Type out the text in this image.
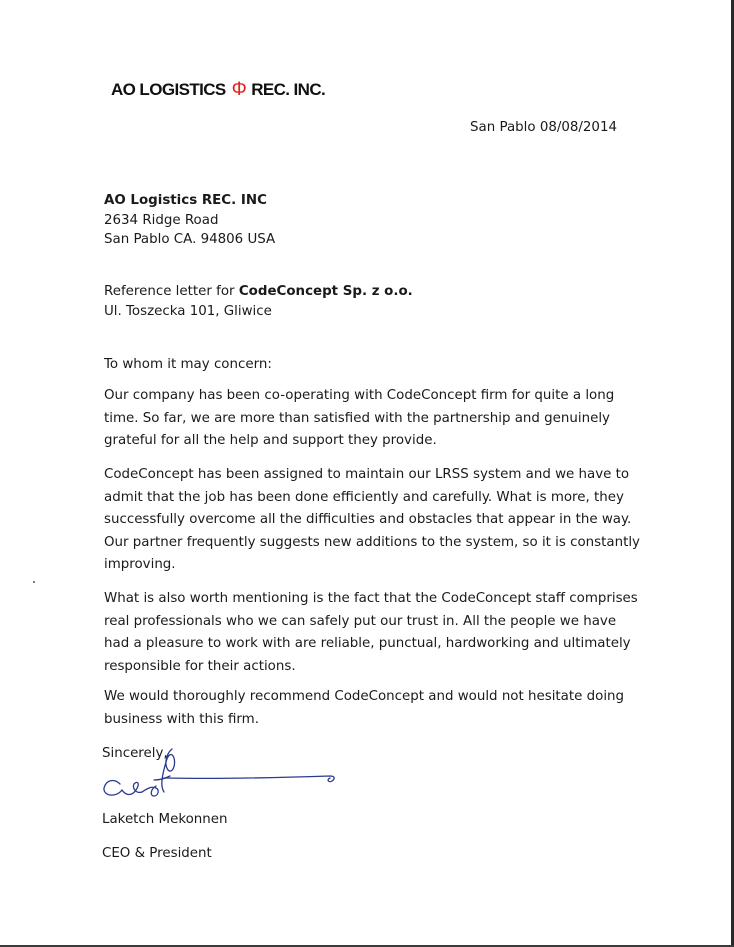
AO LOGISTICS Φ REC. INC.
San Pablo 08/08/2014
AO Logistics REC. INC
2634 Ridge Road
San Pablo CA. 94806 USA
Reference letter for CodeConcept Sp. z o.o.
Ul. Toszecka 101, Gliwice
To whom it may concern:
Our company has been co-operating with CodeConcept firm for quite a long
time. So far, we are more than satisfied with the partnership and genuinely
grateful for all the help and support they provide.
CodeConcept has been assigned to maintain our LRSS system and we have to
admit that the job has been done efficiently and carefully. What is more, they
successfully overcome all the difficulties and obstacles that appear in the way.
Our partner frequently suggests new additions to the system, so it is constantly
improving.
What is also worth mentioning is the fact that the CodeConcept staff comprises
real professionals who we can safely put our trust in. All the people we have
had a pleasure to work with are reliable, punctual, hardworking and ultimately
responsible for their actions.
We would thoroughly recommend CodeConcept and would not hesitate doing
business with this firm.
Sincerely,
Laketch Mekonnen
CEO & President
